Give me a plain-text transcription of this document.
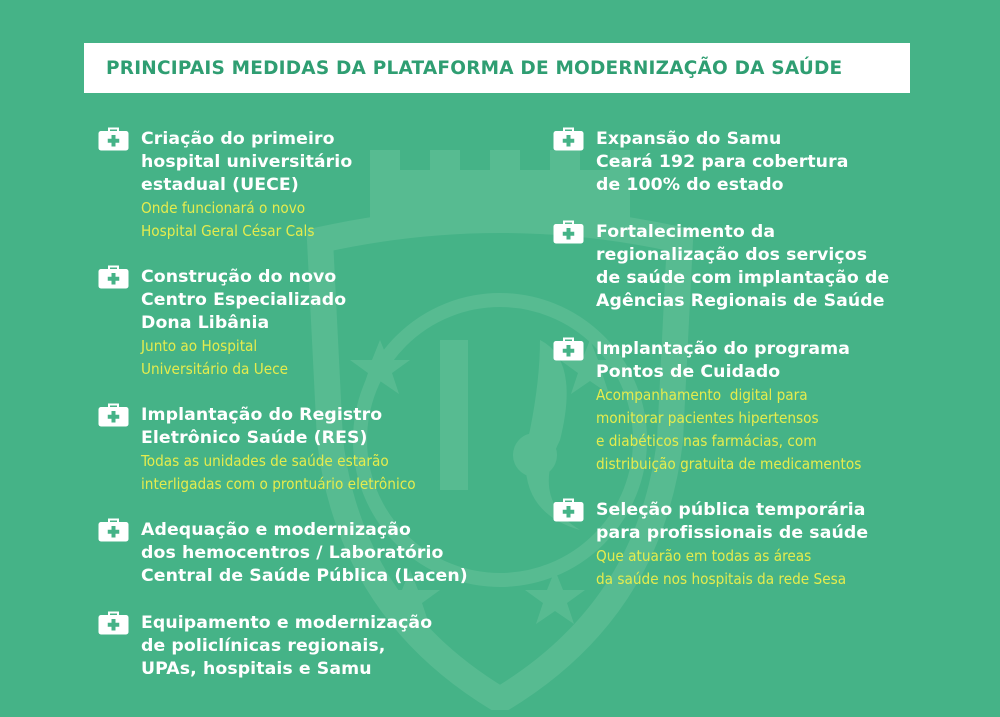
PRINCIPAIS MEDIDAS DA PLATAFORMA DE MODERNIZAÇÃO DA SAÚDE
Criação do primeiro
hospital universitário
estadual (UECE)
Onde funcionará o novo
Hospital Geral César Cals
Construção do novo
Centro Especializado
Dona Libânia
Junto ao Hospital
Universitário da Uece
Implantação do Registro
Eletrônico Saúde (RES)
Todas as unidades de saúde estarão
interligadas com o prontuário eletrônico
Adequação e modernização
dos hemocentros / Laboratório
Central de Saúde Pública (Lacen)
Equipamento e modernização
de policlínicas regionais,
UPAs, hospitais e Samu
Expansão do Samu
Ceará 192 para cobertura
de 100% do estado
Fortalecimento da
regionalização dos serviços
de saúde com implantação de
Agências Regionais de Saúde
Implantação do programa
Pontos de Cuidado
Acompanhamento  digital para
monitorar pacientes hipertensos
e diabéticos nas farmácias, com
distribuição gratuita de medicamentos
Seleção pública temporária
para profissionais de saúde
Que atuarão em todas as áreas
da saúde nos hospitais da rede Sesa
